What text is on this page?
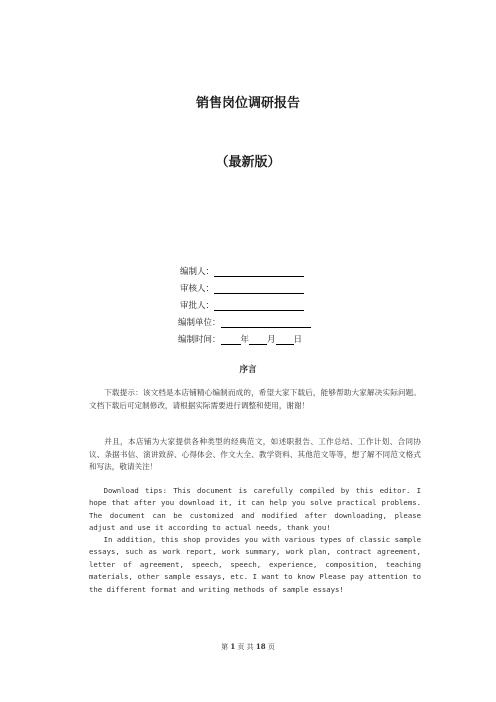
销售岗位调研报告
（最新版）
编制人：
审核人：
审批人：
编制单位：
编制时间： 年 月 日
序言
下载提示：该文档是本店铺精心编制而成的，希望大家下载后，能够帮助大家解决实际问题。文档下载后可定制修改，请根据实际需要进行调整和使用，谢谢！
并且，本店铺为大家提供各种类型的经典范文，如述职报告、工作总结、工作计划、合同协议、条据书信、演讲致辞、心得体会、作文大全、教学资料、其他范文等等，想了解不同范文格式和写法，敬请关注！
Download tips: This document is carefully compiled by this editor. I hope that after you download it, it can help you solve practical problems. The document can be customized and modified after downloading, please adjust and use it according to actual needs, thank you!
In addition, this shop provides you with various types of classic sample essays, such as work report, work summary, work plan, contract agreement, letter of agreement, speech, speech, experience, composition, teaching materials, other sample essays, etc. I want to know Please pay attention to the different format and writing methods of sample essays!
第 1 页 共 18 页
